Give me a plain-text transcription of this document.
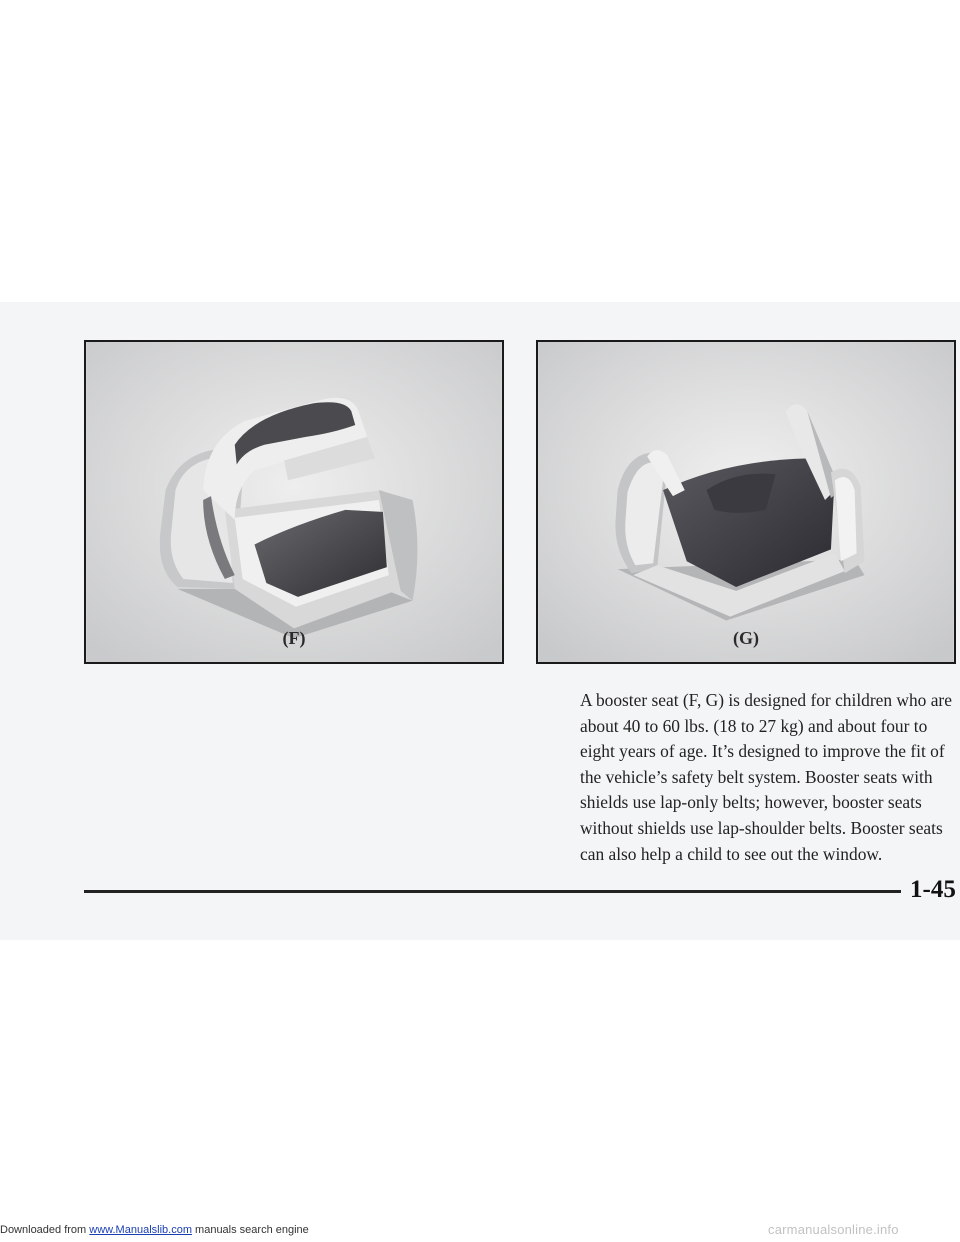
(F)	(G)

A booster seat (F, G) is designed for children who are about 40 to 60 lbs. (18 to 27 kg) and about four to eight years of age. It’s designed to improve the fit of the vehicle’s safety belt system. Booster seats with shields use lap-only belts; however, booster seats without shields use lap-shoulder belts. Booster seats can also help a child to see out the window.

1-45
Downloaded from www.Manualslib.com manuals search engine	carmanualsonline.info
